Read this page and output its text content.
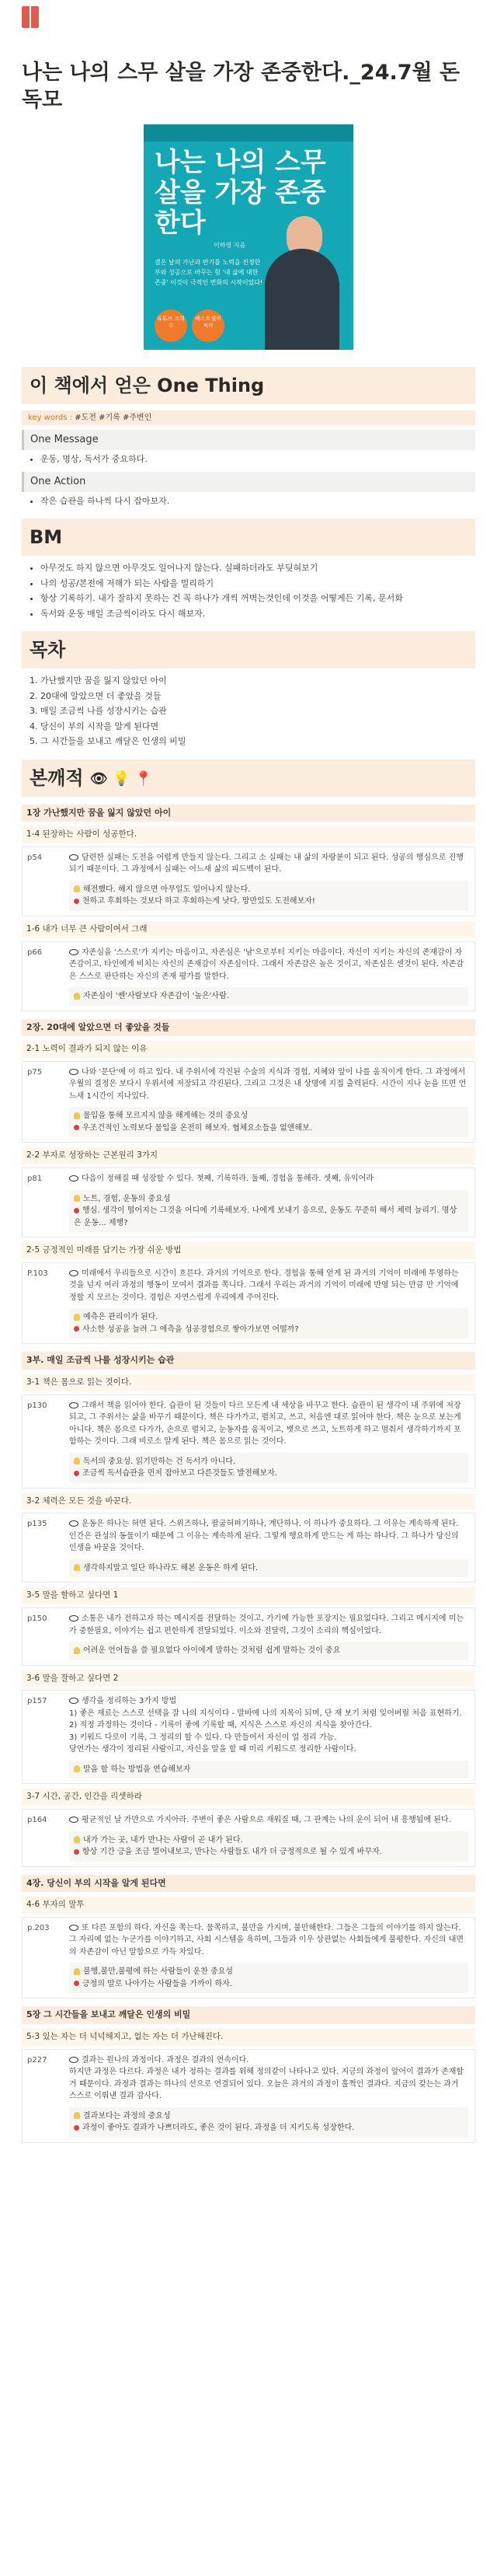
나는 나의 스무 살을 가장 존중한다._24.7월 돈독모
나는 나의 스무 살을 가장 존중한다
이하영 지음
결은 날의 가난과 반기를 노력을 진정한 부와 성공으로 바꾸는 힘 '내 삶에 대한 존중' 이것이 극적인 변화의 시작이었다!
유튜브 조회수
베스트셀러 저자
이 책에서 얻은 One Thing
key words : #도전 #기록 #주변인
One Message
• 운동, 명상, 독서가 중요하다.
One Action
• 작은 습관을 하나씩 다시 잡아보자.
BM
• 아무것도 하지 않으면 아무것도 일어나지 않는다. 실패하더라도 부딪혀보기
• 나의 성공/본전에 저해가 되는 사람을 멀리하기
• 항상 기록하기. 내가 잘하지 못하는 건 꼭 하나가 개씩 꺼벽는것인데 이것을 어떻게든 기록, 문서화
• 독서와 운동 매일 조금씩이라도 다시 해보자.
목차
1. 가난했지만 꿈을 잃지 않았던 아이
2. 20대에 알았으면 더 좋았을 것들
3. 매일 조금씩 나를 성장시키는 습관
4. 당신이 부의 시작을 알게 된다면
5. 그 시간들을 보내고 깨달은 인생의 비밀
본깨적 👁 💡 📍
1장 가난했지만 꿈을 잃지 않았던 아이
1-4 된장하는 사람이 성공한다.
p54	담련한 실패는 도전을 어렵게 만들지 않는다. 그리고 소 실패는 내 삶의 자랑분이 되고 된다. 성공의 행심으로 진행되기 때문이다. 그 과정에서 실패는 어느새 삶의 피드백이 된다.
해전했다. 해지 않으면 아무일도 일어나지 않는다.
천하고 후회하는 것보다 하고 후회하는게 낫다. 망만있도 도전해보자!
1-6 내가 너무 큰 사람이여서 그래
p66	자존심을 '스스로'가 지키는 마음이고, 자존심은 '남'으로부터 지키는 마음이다. 자신이 지키는 자신의 존재감이 자존감이고, 타인에게 비치는 자신의 존재감이 자존심이다. 그래서 자존감은 높은 것이고, 자존심은 센것이 된다. 자존감은 스스로 판단하는 자신의 존재 평가를 말한다.
자존심이 '쎈'사람보다 자존감이 '높은'사람.
2장. 20대에 알았으면 더 좋았을 것들
2-1 노력이 결과가 되지 않는 이유
p75	나와 '문단'에 이 하고 있다. 내 주위서에 각진된 수술의 지식과 경험, 지혜와 앞이 나를 움직이게 한다. 그 과정에서 우월의 결정은 보다시 우위서에 저장되고 각진된다. 그리고 그것은 내 상명에 지접 출력된다. 시간이 지나 눈을 뜨면 언느새 1시간이 지나있다.
물입을 통해 모르지지 않을 해게해는 것의 중요성
우조건적인 노력보다 물입을 온전히 해보자. 협체요소들을 없앤해보.
2-2 부자로 성장하는 근본원리 3가지
p81	다음이 정해질 때 성장할 수 있다. 첫째, 기록하라. 둘째, 경험을 통해라. 셋째, 유익어라
노트, 경험, 운동의 중요성
행심. 생각이 떨어지는 그것을 어디에 기록해보자. 나에게 보내기 응으로, 운동도 꾸준히 해서 체력 늘리기. 명상은 운동... 제행?
2-5 긍정적인 미래를 담기는 가장 쉬운 방법
P.103	미래에서 우리들으로 시간이 흐른다. 과거의 기억으로 한다. 경험을 통해 얻게 된 과거의 기억이 미래에 투영하는 것을 넘지 여러 과정의 행동이 모여서 결과를 쪽니다. 그래서 우리는 과거의 기억이 미래에 반영 되는 만큼 만 기억에 정할 지 모르는 것이다. 경험은 자연스럽게 우리에게 주어진다.
예측은 관리이가 된다.
사소한 성공을 늘려 그 에측을 성공경험으로 쌓아가보면 어떨까?
3부. 매일 조금씩 나를 성장시키는 습관
3-1 책은 몸으로 읽는 것이다.
p130	그래서 책을 읽어야 한다. 습관이 된 것들이 다르 모든게 내 세상을 바꾸고 한다. 습관이 된 생각이 내 주위에 저장되고, 그 주위서는 삶을 바꾸기 때문이다. 책은 다가가고, 펼치고, 쓰고, 처음엔 대로 읽어야 한다. 책은 눈으로 보는게 아니다. 책은 몸으로 다가가, 손으로 펼치고, 눈동자를 움직이고, 뱃으로 쓰고, 노트하게 하고 멈춰서 생각하기까지 포함하는 것이다. 그래 비로소 알게 된다. 책은 몸으로 읽는 것이다.
독서의 중요성. 읽기만하는 건 독서가 아니다.
조금씩 독서습관을 먼저 잡아보고 다른것들도 발전해보자.
3-2 체력은 모든 것을 바꾼다.
p135	운동은 하나는 혀면 된다. 스위즈하나, 팔굽혀펴기하나, 계단하나. 이 하나가 중요하다. 그 이유는 계속하게 된다. 인간은 관성의 동물이기 때문에 그 이유는 계속하게 된다. 그렇게 행요하게 만드는 게 하는 하나다. 그 하나가 당신의 인생을 바꿀을 것이다.
생각하지말고 일단 하나라도 해본 운동은 하게 된다.
3-5 말을 할하고 싶다면 1
p150	소통은 내가 전하고자 하는 메시지를 전달하는 것이고, 가기에 가능한 포장지는 필요없다다. 그리고 메시지에 미는가 중한필요, 이야기는 쉽고 편한하게 전달되었다. 이소와 전달력, 그것이 소리의 핵심이었다.
어려운 언어들을 쓸 필요없다 아이에게 말하는 것처럼 쉽게 말하는 것이 중요
3-6 말을 잘하고 싶다면 2
p157	생각을 정리하는 3가지 방법
1) 좋은 재료는 스스로 선택을 잘 나의 지식이다 - 말바에 나의 지목이 되며, 단 재 보기 처럼 잊어버릴 처음 표현하기.
2) 적정 과정하는 것이다 - 기록이 좋에 기록할 때, 지식은 스스로 자신의 지식을 찾아간다.
3) 키워드 다로이 기록, 그 정리의 할 수 있다. 다 만들어서 자신이 얼 정리 가능.
당연가는 생각이 정리된 사람이고, 자신을 말을 할 때 미리 키워드로 정리한 사람이다.
말을 할 하는 방법을 연습해보자
3-7 시간, 공간, 인간을 리셋하라
p164	평균적인 날 가만으로 가지아라. 주변이 좋은 사람으로 재워질 때, 그 관계는 나의 운이 되어 내 흥행됨에 된다.
내가 가는 곳, 내가 만나는 사람이 곧 내가 된다.
항상 기간 긍을 조금 멀어내보고, 만나는 사람들도 내가 더 긍정적으로 될 수 있게 바꾸자.
4장. 당신이 부의 시작을 알게 된다면
4-6 부자의 말투
p.203	또 다른 포함의 하다. 자신을 쪽는다. 물쪽하고, 불만을 가지며, 불만해한다. 그들은 그들의 이야기를 하지 않는다. 그 자리에 없는 누군가를 이야기하고, 사회 시스템을 욕하며, 그들과 이우 상관없는 사회들에게 불평한다. 자신의 내면의 자존감이 아닌 말함으로 가득 차있다.
불행,불만,불평에 하는 사람들이 운찬 중요성
긍정의 말로 나아가는 사람들을 가까이 하자.
5장 그 시간들을 보내고 깨달은 인생의 비밀
5-3 있는 자는 더 넉넉해지고, 없는 자는 더 가난해진다.
p227	결과는 원나의 과정이다. 과정은 결과의 연속이다.
하지만 과정은 다르다. 과정은 내가 정하는 결과를 위해 정의같이 나타나고 있다. 지금의 과정이 앞어이 결과가 존재할거 때문이다. 과정과 결과는 하나의 선으로 연결되어 있다. 오늘은 과거의 과정이 훌쩍인 결과다. 지금의 갖는는 과거 스스로 이뤄낸 결과 감사다.
결과보다는 과정의 중요성
과정이 좋아도 결과가 나쁘더라도, 좋은 것이 된다. 과정을 더 지키도록 성장한다.
